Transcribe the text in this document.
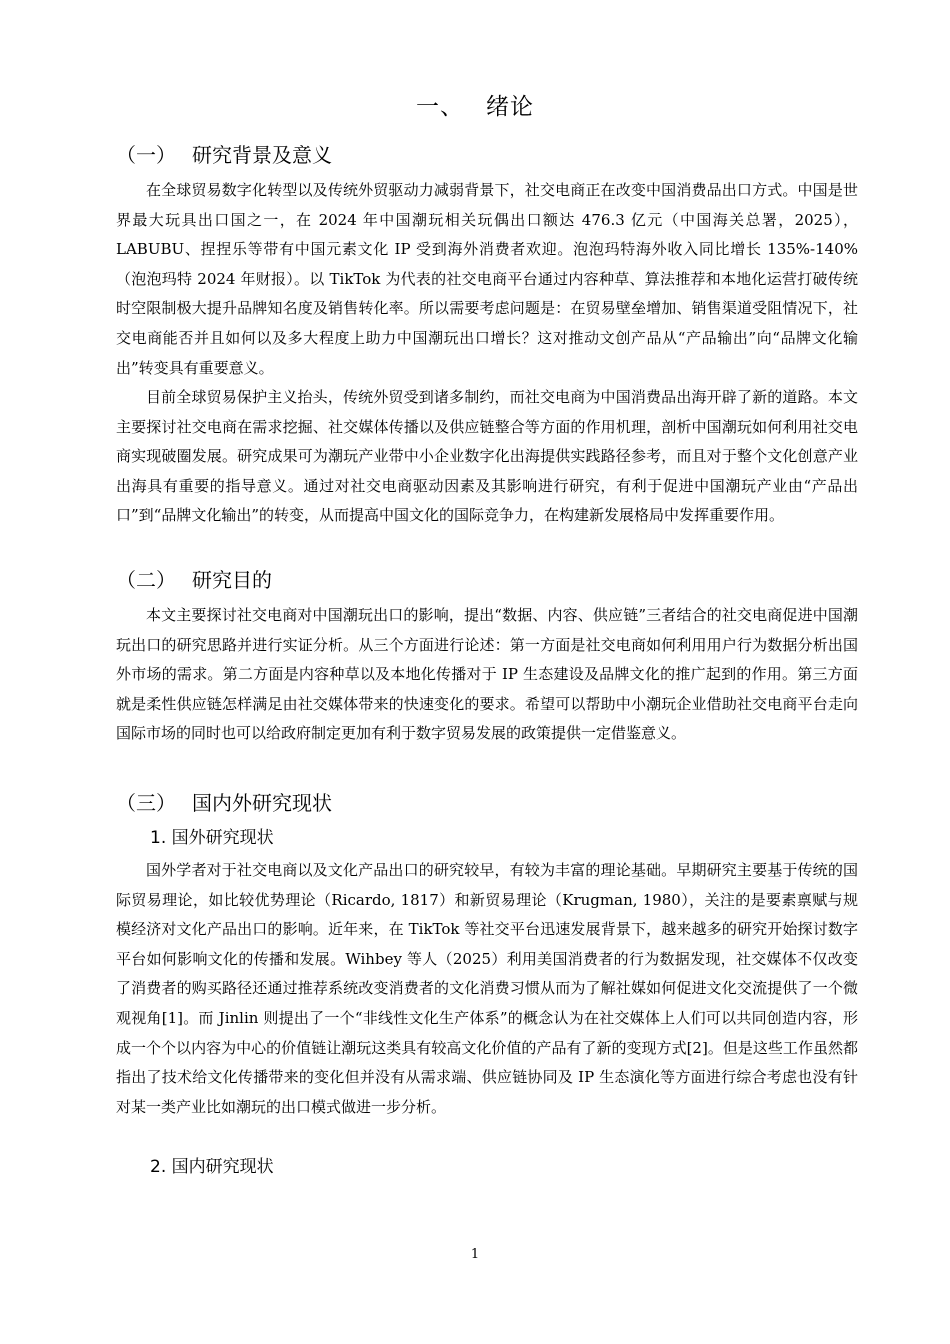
一、 绪论
（一） 研究背景及意义

在全球贸易数字化转型以及传统外贸驱动力减弱背景下，社交电商正在改变中国消费品出口方式。中国是世界最大玩具出口国之一，在 2024 年中国潮玩相关玩偶出口额达 476.3 亿元（中国海关总署，2025），LABUBU、捏捏乐等带有中国元素文化 IP 受到海外消费者欢迎。泡泡玛特海外收入同比增长 135%-140%（泡泡玛特 2024 年财报）。以 TikTok 为代表的社交电商平台通过内容种草、算法推荐和本地化运营打破传统时空限制极大提升品牌知名度及销售转化率。所以需要考虑问题是：在贸易壁垒增加、销售渠道受阻情况下，社交电商能否并且如何以及多大程度上助力中国潮玩出口增长？这对推动文创产品从“产品输出”向“品牌文化输出”转变具有重要意义。

目前全球贸易保护主义抬头，传统外贸受到诸多制约，而社交电商为中国消费品出海开辟了新的道路。本文主要探讨社交电商在需求挖掘、社交媒体传播以及供应链整合等方面的作用机理，剖析中国潮玩如何利用社交电商实现破圈发展。研究成果可为潮玩产业带中小企业数字化出海提供实践路径参考，而且对于整个文化创意产业出海具有重要的指导意义。通过对社交电商驱动因素及其影响进行研究，有利于促进中国潮玩产业由“产品出口”到“品牌文化输出”的转变，从而提高中国文化的国际竞争力，在构建新发展格局中发挥重要作用。

（二） 研究目的

本文主要探讨社交电商对中国潮玩出口的影响，提出“数据、内容、供应链”三者结合的社交电商促进中国潮玩出口的研究思路并进行实证分析。从三个方面进行论述：第一方面是社交电商如何利用用户行为数据分析出国外市场的需求。第二方面是内容种草以及本地化传播对于 IP 生态建设及品牌文化的推广起到的作用。第三方面就是柔性供应链怎样满足由社交媒体带来的快速变化的要求。希望可以帮助中小潮玩企业借助社交电商平台走向国际市场的同时也可以给政府制定更加有利于数字贸易发展的政策提供一定借鉴意义。

（三） 国内外研究现状
1. 国外研究现状

国外学者对于社交电商以及文化产品出口的研究较早，有较为丰富的理论基础。早期研究主要基于传统的国际贸易理论，如比较优势理论（Ricardo, 1817）和新贸易理论（Krugman, 1980），关注的是要素禀赋与规模经济对文化产品出口的影响。近年来，在 TikTok 等社交平台迅速发展背景下，越来越多的研究开始探讨数字平台如何影响文化的传播和发展。Wihbey 等人（2025）利用美国消费者的行为数据发现，社交媒体不仅改变了消费者的购买路径还通过推荐系统改变消费者的文化消费习惯从而为了解社媒如何促进文化交流提供了一个微观视角[1]。而 Jinlin 则提出了一个“非线性文化生产体系”的概念认为在社交媒体上人们可以共同创造内容，形成一个个以内容为中心的价值链让潮玩这类具有较高文化价值的产品有了新的变现方式[2]。但是这些工作虽然都指出了技术给文化传播带来的变化但并没有从需求端、供应链协同及 IP 生态演化等方面进行综合考虑也没有针对某一类产业比如潮玩的出口模式做进一步分析。

2. 国内研究现状
1
